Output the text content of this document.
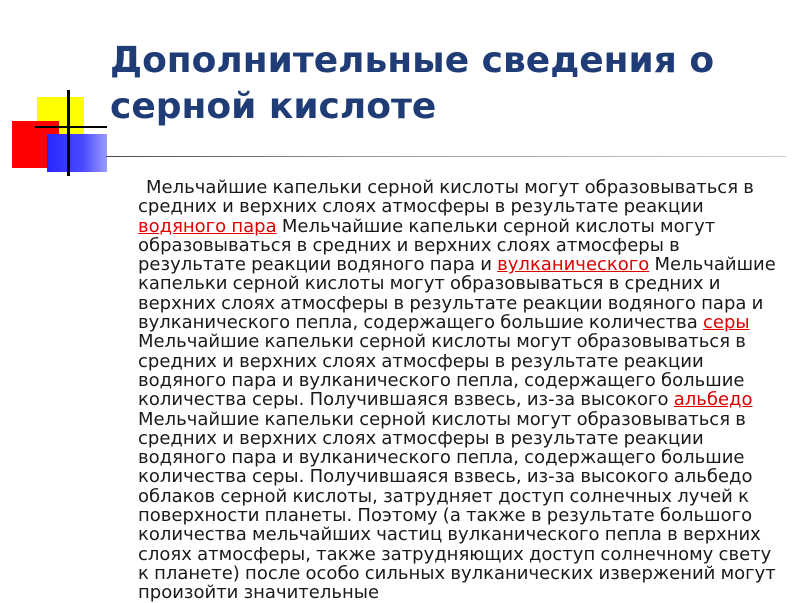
Дополнительные сведения о серной кислоте

Мельчайшие капельки серной кислоты могут образовываться в средних и верхних слоях атмосферы в результате реакции водяного пара Мельчайшие капельки серной кислоты могут образовываться в средних и верхних слоях атмосферы в результате реакции водяного пара и вулканического Мельчайшие капельки серной кислоты могут образовываться в средних и верхних слоях атмосферы в результате реакции водяного пара и вулканического пепла, содержащего большие количества серы Мельчайшие капельки серной кислоты могут образовываться в средних и верхних слоях атмосферы в результате реакции водяного пара и вулканического пепла, содержащего большие количества серы. Получившаяся взвесь, из-за высокого альбедо Мельчайшие капельки серной кислоты могут образовываться в средних и верхних слоях атмосферы в результате реакции водяного пара и вулканического пепла, содержащего большие количества серы. Получившаяся взвесь, из-за высокого альбедо облаков серной кислоты, затрудняет доступ солнечных лучей к поверхности планеты. Поэтому (а также в результате большого количества мельчайших частиц вулканического пепла в верхних слоях атмосферы, также затрудняющих доступ солнечному свету к планете) после особо сильных вулканических извержений могут произойти значительные
